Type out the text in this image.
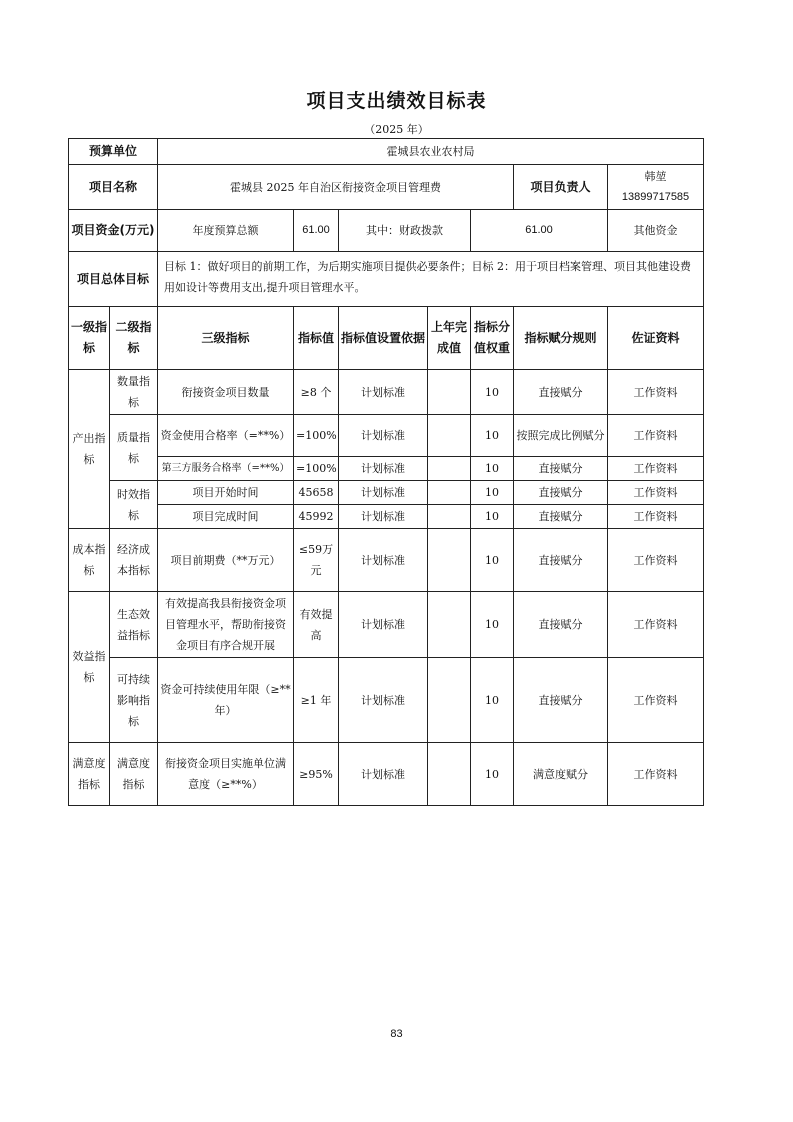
项目支出绩效目标表
（2025 年）
预算单位		霍城县农业农村局							
项目名称		霍城县 2025 年自治区衔接资金项目管理费					项目负责人	韩堃
13899717585	

项目资金(万元)		年度预算总额	61.00	其中：财政拨款		61.00		其他资金	
项目总体目标		目标 1：做好项目的前期工作，为后期实施项目提供必要条件；目标 2：用于项目档案管理、项目其他建设费用如设计等费用支出,提升项目管理水平。							
一级指标	二级指标	三级指标	指标值	指标值设置依据	上年完成值	指标分值权重	指标赋分规则	佐证资料	
产出指标	数量指标	衔接资金项目数量	≥8 个	计划标准		10	直接赋分	工作资料	
	质量指标	资金使用合格率（=**%）	=100%	计划标准		10	按照完成比例赋分	工作资料	
		第三方服务合格率（=**%）	=100%	计划标准		10	直接赋分	工作资料	
	时效指标	项目开始时间	45658	计划标准		10	直接赋分	工作资料	
		项目完成时间	45992	计划标准		10	直接赋分	工作资料	
成本指标	经济成本指标	项目前期费（**万元）	≤59万元	计划标准		10	直接赋分	工作资料	
效益指标	生态效益指标	有效提高我县衔接资金项目管理水平，帮助衔接资金项目有序合规开展	有效提高	计划标准		10	直接赋分	工作资料	
	可持续影响指标	资金可持续使用年限（≥**年）	≥1 年	计划标准		10	直接赋分	工作资料	
满意度指标	满意度指标	衔接资金项目实施单位满意度（≥**%）	≥95%	计划标准		10	满意度赋分	工作资料	
83
